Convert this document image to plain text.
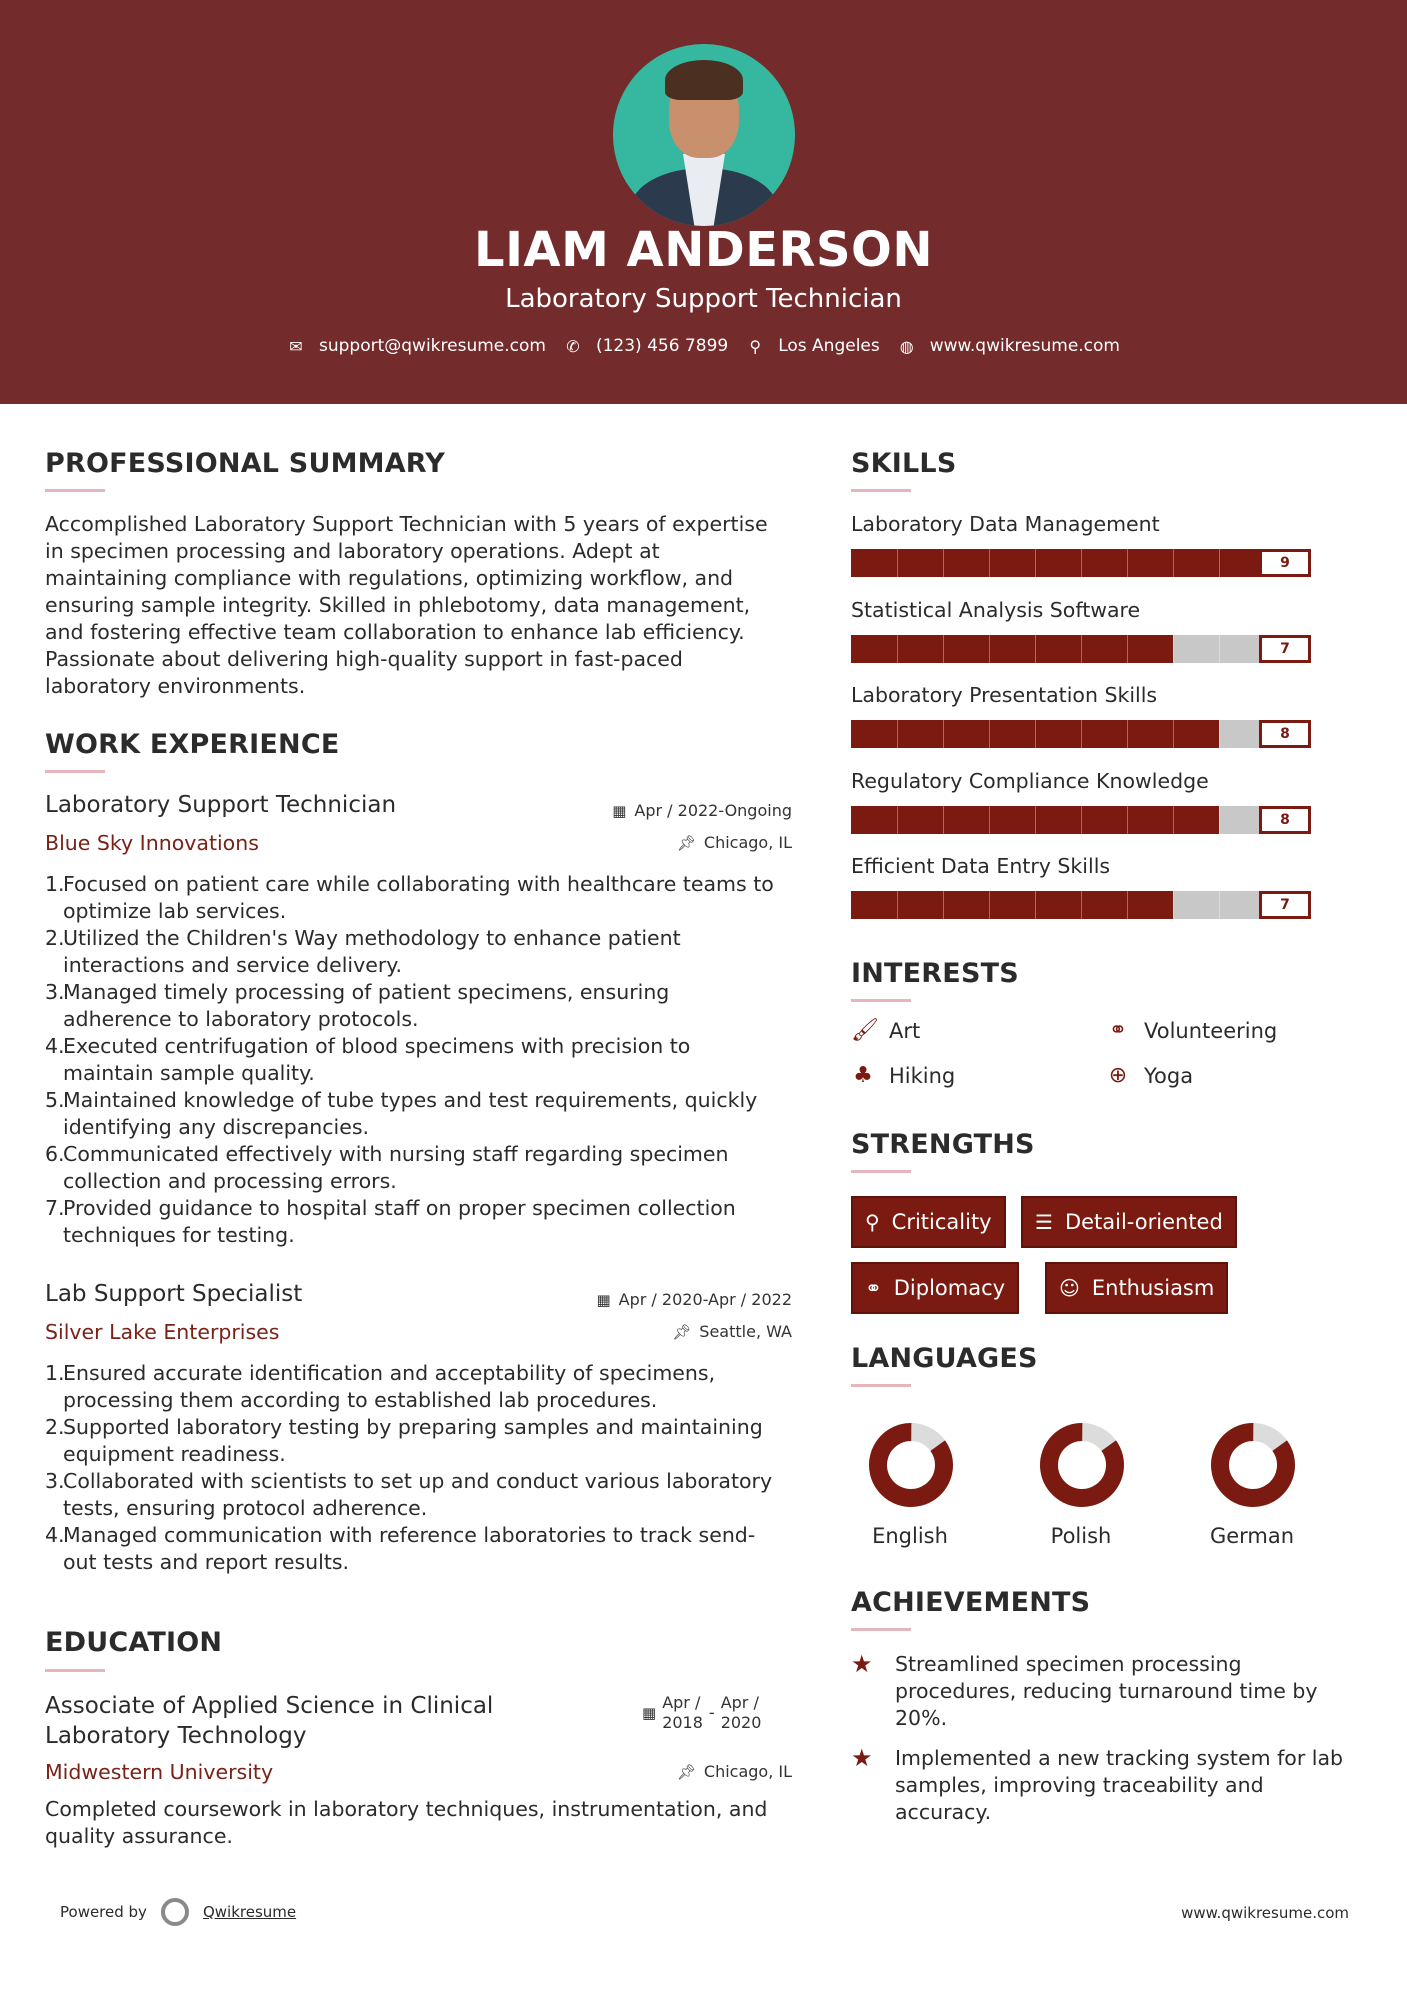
LIAM ANDERSON
Laboratory Support Technician
✉ support@qwikresume.com ✆ (123) 456 7899 ⚲ Los Angeles ◍ www.qwikresume.com
PROFESSIONAL SUMMARY
Accomplished Laboratory Support Technician with 5 years of expertise
in specimen processing and laboratory operations. Adept at
maintaining compliance with regulations, optimizing workflow, and
ensuring sample integrity. Skilled in phlebotomy, data management,
and fostering effective team collaboration to enhance lab efficiency.
Passionate about delivering high-quality support in fast-paced
laboratory environments.
WORK EXPERIENCE
Laboratory Support Technician	▦ Apr / 2022-Ongoing
Blue Sky Innovations	📌︎ Chicago, IL
Focused on patient care while collaborating with healthcare teams to
optimize lab services.
Utilized the Children's Way methodology to enhance patient
interactions and service delivery.
Managed timely processing of patient specimens, ensuring
adherence to laboratory protocols.
Executed centrifugation of blood specimens with precision to
maintain sample quality.
Maintained knowledge of tube types and test requirements, quickly
identifying any discrepancies.
Communicated effectively with nursing staff regarding specimen
collection and processing errors.
Provided guidance to hospital staff on proper specimen collection
techniques for testing.
Lab Support Specialist	▦ Apr / 2020-Apr / 2022
Silver Lake Enterprises	📌︎ Seattle, WA
Ensured accurate identification and acceptability of specimens,
processing them according to established lab procedures.
Supported laboratory testing by preparing samples and maintaining
equipment readiness.
Collaborated with scientists to set up and conduct various laboratory
tests, ensuring protocol adherence.
Managed communication with reference laboratories to track send-
out tests and report results.
EDUCATION
Associate of Applied Science in Clinical
Laboratory Technology
▦
Apr /
2018
-
Apr /
2020
Midwestern University	📌︎ Chicago, IL
Completed coursework in laboratory techniques, instrumentation, and
quality assurance.
SKILLS
Laboratory Data Management
9
Statistical Analysis Software
7
Laboratory Presentation Skills
8
Regulatory Compliance Knowledge
8
Efficient Data Entry Skills
7
INTERESTS
🖌︎ Art	⚭ Volunteering
♣ Hiking	⊕ Yoga
STRENGTHS
⚲ Criticality ☰ Detail-oriented
⚭ Diplomacy	☺ Enthusiasm
LANGUAGES
English	Polish	German
ACHIEVEMENTS
★	Streamlined specimen processing
procedures, reducing turnaround time by
20%.
★	Implemented a new tracking system for lab
samples, improving traceability and
accuracy.
Powered by	Qwikresume	www.qwikresume.com
